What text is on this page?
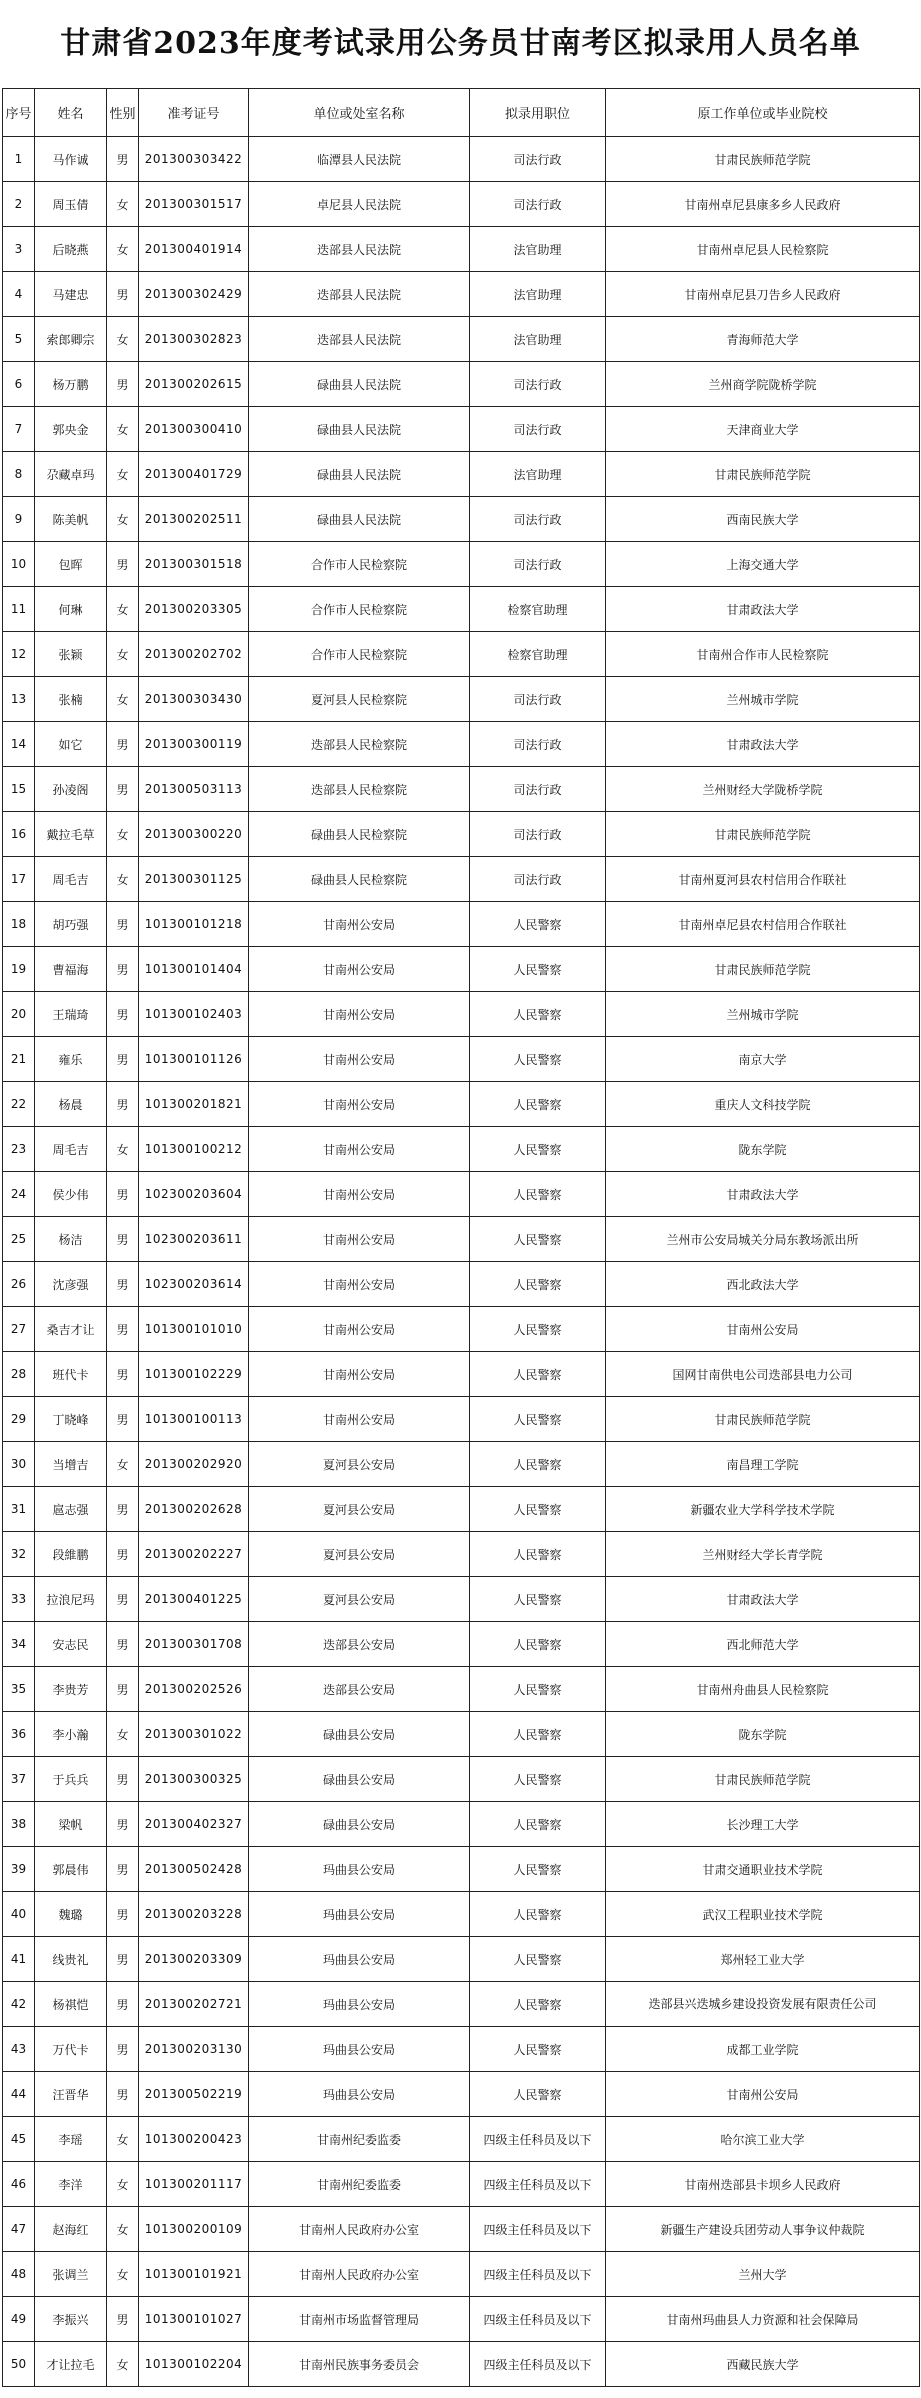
甘肃省2023年度考试录用公务员甘南考区拟录用人员名单
序号	姓名	性别	准考证号	单位或处室名称	拟录用职位	原工作单位或毕业院校
1	马作诚	男	201300303422	临潭县人民法院	司法行政	甘肃民族师范学院
2	周玉倩	女	201300301517	卓尼县人民法院	司法行政	甘南州卓尼县康多乡人民政府
3	后晓燕	女	201300401914	迭部县人民法院	法官助理	甘南州卓尼县人民检察院
4	马建忠	男	201300302429	迭部县人民法院	法官助理	甘南州卓尼县刀告乡人民政府
5	索郎卿宗	女	201300302823	迭部县人民法院	法官助理	青海师范大学
6	杨万鹏	男	201300202615	碌曲县人民法院	司法行政	兰州商学院陇桥学院
7	郭央金	女	201300300410	碌曲县人民法院	司法行政	天津商业大学
8	尕藏卓玛	女	201300401729	碌曲县人民法院	法官助理	甘肃民族师范学院
9	陈美帆	女	201300202511	碌曲县人民法院	司法行政	西南民族大学
10	包晖	男	201300301518	合作市人民检察院	司法行政	上海交通大学
11	何琳	女	201300203305	合作市人民检察院	检察官助理	甘肃政法大学
12	张颖	女	201300202702	合作市人民检察院	检察官助理	甘南州合作市人民检察院
13	张楠	女	201300303430	夏河县人民检察院	司法行政	兰州城市学院
14	如它	男	201300300119	迭部县人民检察院	司法行政	甘肃政法大学
15	孙凌阁	男	201300503113	迭部县人民检察院	司法行政	兰州财经大学陇桥学院
16	戴拉毛草	女	201300300220	碌曲县人民检察院	司法行政	甘肃民族师范学院
17	周毛吉	女	201300301125	碌曲县人民检察院	司法行政	甘南州夏河县农村信用合作联社
18	胡巧强	男	101300101218	甘南州公安局	人民警察	甘南州卓尼县农村信用合作联社
19	曹福海	男	101300101404	甘南州公安局	人民警察	甘肃民族师范学院
20	王瑞琦	男	101300102403	甘南州公安局	人民警察	兰州城市学院
21	雍乐	男	101300101126	甘南州公安局	人民警察	南京大学
22	杨晨	男	101300201821	甘南州公安局	人民警察	重庆人文科技学院
23	周毛吉	女	101300100212	甘南州公安局	人民警察	陇东学院
24	侯少伟	男	102300203604	甘南州公安局	人民警察	甘肃政法大学
25	杨洁	男	102300203611	甘南州公安局	人民警察	兰州市公安局城关分局东教场派出所
26	沈彦强	男	102300203614	甘南州公安局	人民警察	西北政法大学
27	桑吉才让	男	101300101010	甘南州公安局	人民警察	甘南州公安局
28	班代卡	男	101300102229	甘南州公安局	人民警察	国网甘南供电公司迭部县电力公司
29	丁晓峰	男	101300100113	甘南州公安局	人民警察	甘肃民族师范学院
30	当增吉	女	201300202920	夏河县公安局	人民警察	南昌理工学院
31	扈志强	男	201300202628	夏河县公安局	人民警察	新疆农业大学科学技术学院
32	段維鹏	男	201300202227	夏河县公安局	人民警察	兰州财经大学长青学院
33	拉浪尼玛	男	201300401225	夏河县公安局	人民警察	甘肃政法大学
34	安志民	男	201300301708	迭部县公安局	人民警察	西北师范大学
35	李贵芳	男	201300202526	迭部县公安局	人民警察	甘南州舟曲县人民检察院
36	李小瀚	女	201300301022	碌曲县公安局	人民警察	陇东学院
37	于兵兵	男	201300300325	碌曲县公安局	人民警察	甘肃民族师范学院
38	梁帆	男	201300402327	碌曲县公安局	人民警察	长沙理工大学
39	郭晨伟	男	201300502428	玛曲县公安局	人民警察	甘肃交通职业技术学院
40	魏璐	男	201300203228	玛曲县公安局	人民警察	武汉工程职业技术学院
41	线贵礼	男	201300203309	玛曲县公安局	人民警察	郑州轻工业大学
42	杨祺恺	男	201300202721	玛曲县公安局	人民警察	迭部县兴迭城乡建设投资发展有限责任公司
43	万代卡	男	201300203130	玛曲县公安局	人民警察	成都工业学院
44	汪晋华	男	201300502219	玛曲县公安局	人民警察	甘南州公安局
45	李瑶	女	101300200423	甘南州纪委监委	四级主任科员及以下	哈尔滨工业大学
46	李洋	女	101300201117	甘南州纪委监委	四级主任科员及以下	甘南州迭部县卡坝乡人民政府
47	赵海红	女	101300200109	甘南州人民政府办公室	四级主任科员及以下	新疆生产建设兵团劳动人事争议仲裁院
48	张调兰	女	101300101921	甘南州人民政府办公室	四级主任科员及以下	兰州大学
49	李振兴	男	101300101027	甘南州市场监督管理局	四级主任科员及以下	甘南州玛曲县人力资源和社会保障局
50	才让拉毛	女	101300102204	甘南州民族事务委员会	四级主任科员及以下	西藏民族大学
